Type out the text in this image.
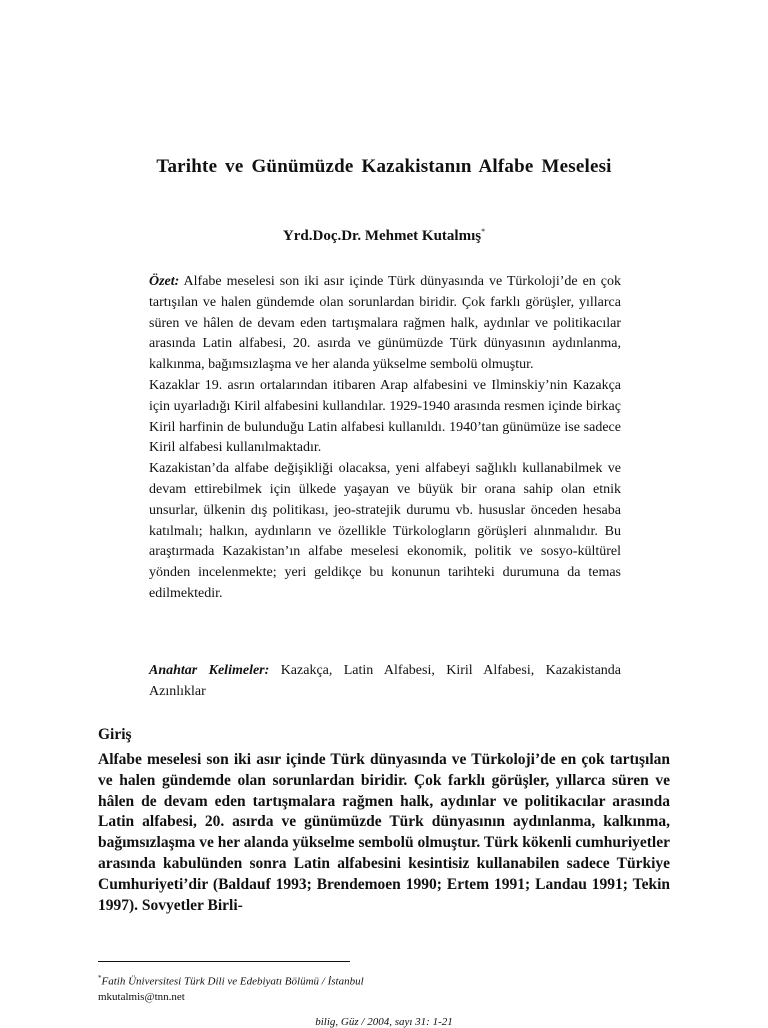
Tarihte ve Günümüzde Kazakistanın Alfabe Meselesi
Yrd.Doç.Dr. Mehmet Kutalmış*

Özet: Alfabe meselesi son iki asır içinde Türk dünyasında ve Türkoloji’de en çok tartışılan ve halen gündemde olan sorunlardan biridir. Çok farklı görüşler, yıllarca süren ve hâlen de devam eden tartışmalara rağmen halk, aydınlar ve politikacılar arasında Latin alfabesi, 20. asırda ve günümüzde Türk dünyasının aydınlanma, kalkınma, bağımsızlaşma ve her alanda yükselme sembolü olmuştur.

Kazaklar 19. asrın ortalarından itibaren Arap alfabesini ve Ilminskiy’nin Kazakça için uyarladığı Kiril alfabesini kullandılar. 1929-1940 arasında resmen içinde birkaç Kiril harfinin de bulunduğu Latin alfabesi kullanıldı. 1940’tan günümüze ise sadece Kiril alfabesi kullanılmaktadır.

Kazakistan’da alfabe değişikliği olacaksa, yeni alfabeyi sağlıklı kullanabilmek ve devam ettirebilmek için ülkede yaşayan ve büyük bir orana sahip olan etnik unsurlar, ülkenin dış politikası, jeo-stratejik durumu vb. hususlar önceden hesaba katılmalı; halkın, aydınların ve özellikle Türkologların görüşleri alınmalıdır. Bu araştırmada Kazakistan’ın alfabe meselesi ekonomik, politik ve sosyo-kültürel yönden incelenmekte; yeri geldikçe bu konunun tarihteki durumuna da temas edilmektedir.

Anahtar Kelimeler: Kazakça, Latin Alfabesi, Kiril Alfabesi, Kazakistanda Azınlıklar
Giriş
Alfabe meselesi son iki asır içinde Türk dünyasında ve Türkoloji’de en çok tartışılan ve halen gündemde olan sorunlardan biridir. Çok farklı görüşler, yıllarca süren ve hâlen de devam eden tartışmalara rağmen halk, aydınlar ve politikacılar arasında Latin alfabesi, 20. asırda ve günümüzde Türk dünyasının aydınlanma, kalkınma, bağımsızlaşma ve her alanda yükselme sembolü olmuştur. Türk kökenli cumhuriyetler arasında kabulünden sonra Latin alfabesini kesintisiz kullanabilen sadece Türkiye Cumhuriyeti’dir (Baldauf 1993; Brendemoen 1990; Ertem 1991; Landau 1991; Tekin 1997). Sovyetler Birli-
*Fatih Üniversitesi Türk Dili ve Edebiyatı Bölümü / İstanbul
mkutalmis@tnn.net
bilig, Güz / 2004, sayı 31: 1-21
